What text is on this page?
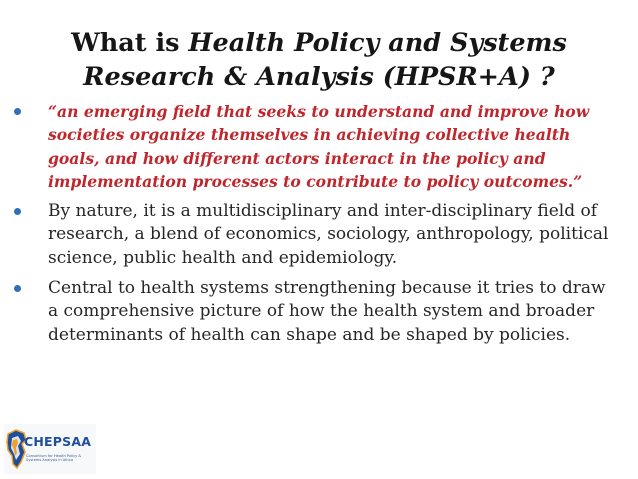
What is Health Policy and Systems Research & Analysis (HPSR+A) ?
“an emerging field that seeks to understand and improve how societies organize themselves in achieving collective health goals, and how different actors interact in the policy and implementation processes to contribute to policy outcomes.”
By nature, it is a multidisciplinary and inter-disciplinary field of research, a blend of economics, sociology, anthropology, political science, public health and epidemiology.
Central to health systems strengthening because it tries to draw a comprehensive picture of how the health system and broader determinants of health can shape and be shaped by policies.
CHEPSAA
Consortium for Health Policy & Systems Analysis in Africa
